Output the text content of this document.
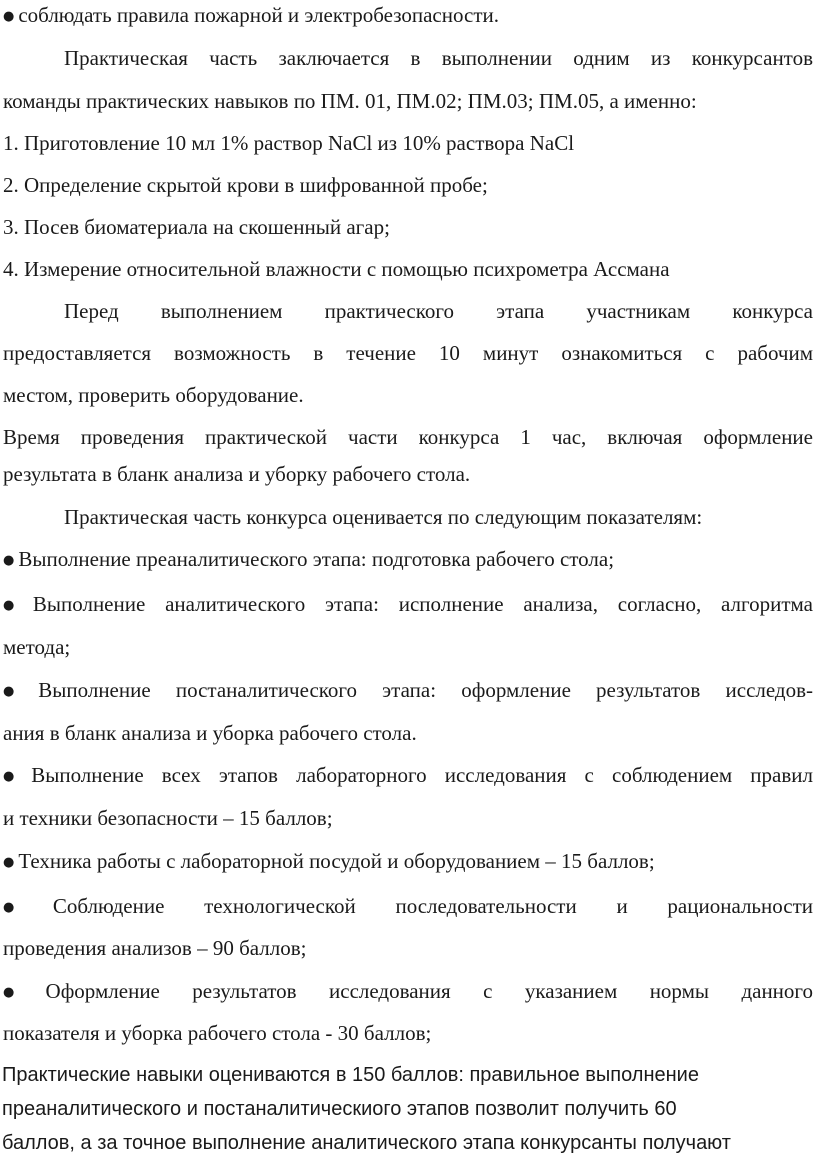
● соблюдать правила пожарной и электробезопасности.
Практическая часть заключается в выполнении одним из конкурсантов
команды практических навыков по ПМ. 01, ПМ.02; ПМ.03; ПМ.05, а именно:
1. Приготовление 10 мл 1% раствор NaCl из 10% раствора NaCl
2. Определение скрытой крови в шифрованной пробе;
3. Посев биоматериала на скошенный агар;
4. Измерение относительной влажности с помощью психрометра Ассмана
Перед выполнением практического этапа участникам конкурса
предоставляется возможность в течение 10 минут ознакомиться с рабочим
местом, проверить оборудование.
Время проведения практической части конкурса 1 час, включая оформление
результата в бланк анализа и уборку рабочего стола.
Практическая часть конкурса оценивается по следующим показателям:
● Выполнение преаналитического этапа: подготовка рабочего стола;
● Выполнение аналитического этапа: исполнение анализа, согласно, алгоритма
метода;
● Выполнение постаналитического этапа: оформление результатов исследов-
ания в бланк анализа и уборка рабочего стола.
● Выполнение всех этапов лабораторного исследования с соблюдением правил
и техники безопасности – 15 баллов;
● Техника работы с лабораторной посудой и оборудованием – 15 баллов;
● Соблюдение технологической последовательности и рациональности
проведения анализов – 90 баллов;
● Оформление результатов исследования с указанием нормы данного
показателя и уборка рабочего стола - 30 баллов;
Практические навыки оцениваются в 150 баллов: правильное выполнение
преаналитического и постаналитическиого этапов позволит получить 60
баллов, а за точное выполнение аналитического этапа конкурсанты получают
